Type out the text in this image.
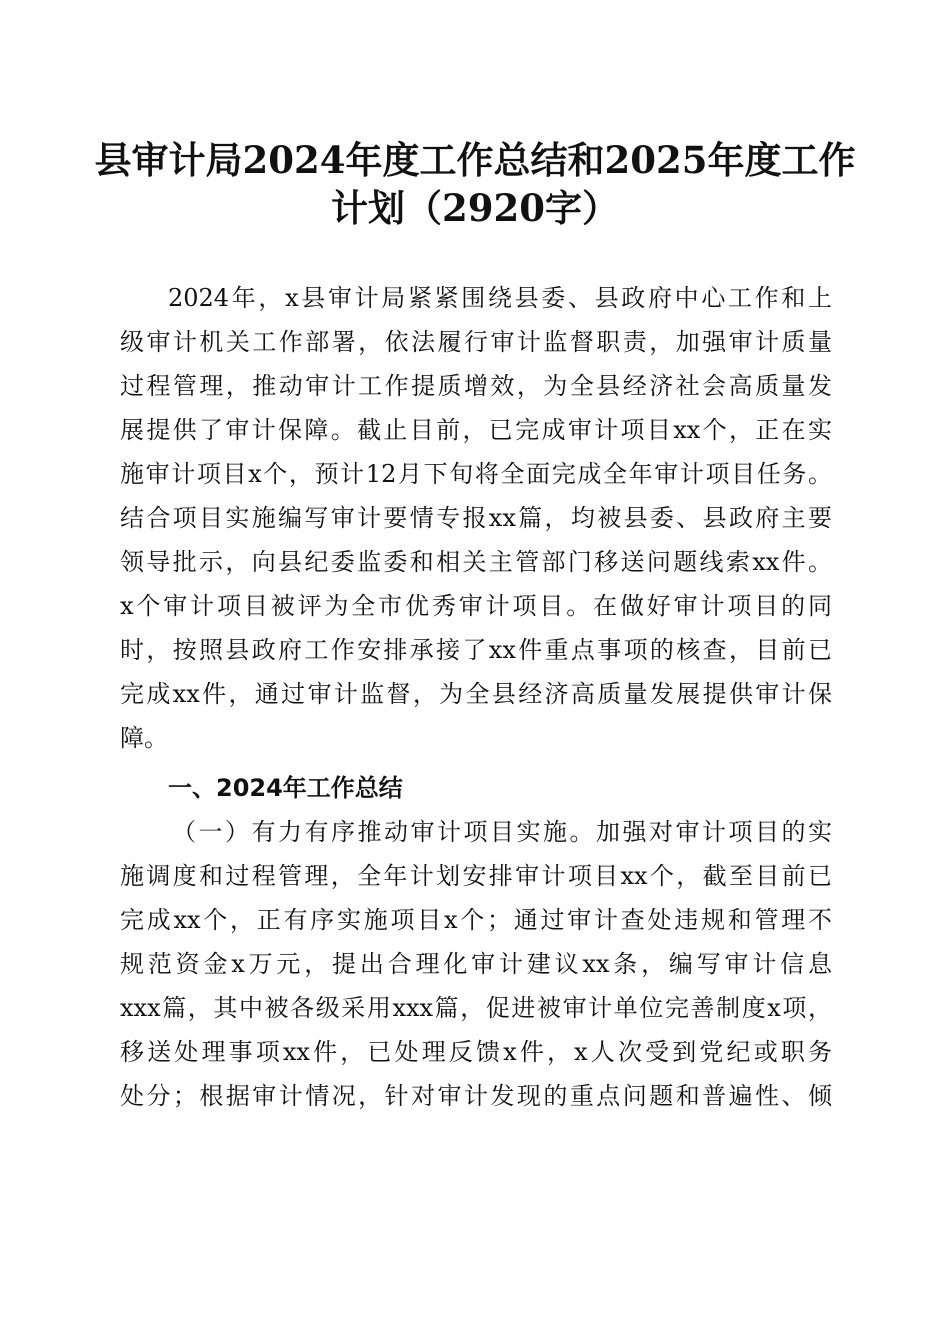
县审计局2024年度工作总结和2025年度工作
计划（2920字）

2024年，x县审计局紧紧围绕县委、县政府中心工作和上

级审计机关工作部署，依法履行审计监督职责，加强审计质量

过程管理，推动审计工作提质增效，为全县经济社会高质量发

展提供了审计保障。截止目前，已完成审计项目xx个，正在实

施审计项目x个，预计12月下旬将全面完成全年审计项目任务。

结合项目实施编写审计要情专报xx篇，均被县委、县政府主要

领导批示，向县纪委监委和相关主管部门移送问题线索xx件。

x个审计项目被评为全市优秀审计项目。在做好审计项目的同

时，按照县政府工作安排承接了xx件重点事项的核查，目前已

完成xx件，通过审计监督，为全县经济高质量发展提供审计保

障。

一、2024年工作总结

（一）有力有序推动审计项目实施。加强对审计项目的实

施调度和过程管理，全年计划安排审计项目xx个，截至目前已

完成xx个，正有序实施项目x个；通过审计查处违规和管理不

规范资金x万元，提出合理化审计建议xx条，编写审计信息

xxx篇，其中被各级采用xxx篇，促进被审计单位完善制度x项，

移送处理事项xx件，已处理反馈x件，x人次受到党纪或职务

处分；根据审计情况，针对审计发现的重点问题和普遍性、倾
